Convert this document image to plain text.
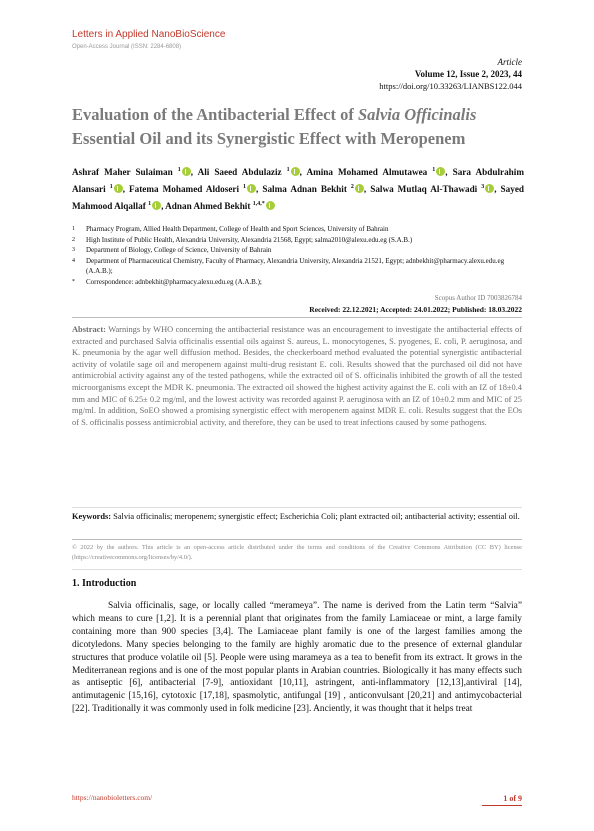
Letters in Applied NanoBioScience
Open-Access Journal (ISSN: 2284-6808)
Article
Volume 12, Issue 2, 2023, 44
https://doi.org/10.33263/LIANBS122.044
Evaluation of the Antibacterial Effect of Salvia Officinalis Essential Oil and its Synergistic Effect with Meropenem
Ashraf Maher Sulaiman $^1$ , Ali Saeed Abdulaziz $^1$ , Amina Mohamed Almutawea $^1$ , Sara Abdulrahim Alansari $^1$ , Fatema Mohamed Aldoseri $^1$ , Salma Adnan Bekhit $^2$ , Salwa Mutlaq Al-Thawadi $^3$ , Sayed Mahmood Alqallaf $^1$ , Adnan Ahmed Bekhit $^{1,4,*}$
1	Pharmacy Program, Allied Health Department, College of Health and Sport Sciences, University of Bahrain
2	High Institute of Public Health, Alexandria University, Alexandria 21568, Egypt; salma2010@alexu.edu.eg (S.A.B.)
3	Department of Biology, College of Science, University of Bahrain
4	Department of Pharmaceutical Chemistry, Faculty of Pharmacy, Alexandria University, Alexandria 21521, Egypt; adnbekhit@pharmacy.alexu.edu.eg (A.A.B.);
*	Correspondence: adnbekhit@pharmacy.alexu.edu.eg (A.A.B.);
Scopus Author ID 7003826784
Received: 22.12.2021; Accepted: 24.01.2022; Published: 18.03.2022
Abstract: Warnings by WHO concerning the antibacterial resistance was an encouragement to investigate the antibacterial effects of extracted and purchased Salvia officinalis essential oils against S. aureus, L. monocytogenes, S. pyogenes, E. coli, P. aeruginosa, and K. pneumonia by the agar well diffusion method. Besides, the checkerboard method evaluated the potential synergistic antibacterial activity of volatile sage oil and meropenem against multi-drug resistant E. coli. Results showed that the purchased oil did not have antimicrobial activity against any of the tested pathogens, while the extracted oil of S. officinalis inhibited the growth of all the tested microorganisms except the MDR K. pneumonia. The extracted oil showed the highest activity against the E. coli with an IZ of 18±0.4 mm and MIC of 6.25± 0.2 mg/ml, and the lowest activity was recorded against P. aeruginosa with an IZ of 10±0.2 mm and MIC of 25 mg/ml. In addition, SoEO showed a promising synergistic effect with meropenem against MDR E. coli. Results suggest that the EOs of S. officinalis possess antimicrobial activity, and therefore, they can be used to treat infections caused by some pathogens.
Keywords: Salvia officinalis; meropenem; synergistic effect; Escherichia Coli; plant extracted oil; antibacterial activity; essential oil.
© 2022 by the authors. This article is an open-access article distributed under the terms and conditions of the Creative Commons Attribution (CC BY) license (https://creativecommons.org/licenses/by/4.0/).
1. Introduction

Salvia officinalis, sage, or locally called “merameya”. The name is derived from the Latin term “Salvia” which means to cure [1,2]. It is a perennial plant that originates from the family Lamiaceae or mint, a large family containing more than 900 species [3,4]. The Lamiaceae plant family is one of the largest families among the dicotyledons. Many species belonging to the family are highly aromatic due to the presence of external glandular structures that produce volatile oil [5]. People were using marameya as a tea to benefit from its extract. It grows in the Mediterranean regions and is one of the most popular plants in Arabian countries. Biologically it has many effects such as antiseptic [6], antibacterial [7-9], antioxidant [10,11], astringent, anti-inflammatory [12,13],antiviral [14], antimutagenic [15,16], cytotoxic [17,18], spasmolytic, antifungal [19] , anticonvulsant [20,21] and antimycobacterial [22]. Traditionally it was commonly used in folk medicine [23]. Anciently, it was thought that it helps treat

https://nanobioletters.com/	1 of 9
